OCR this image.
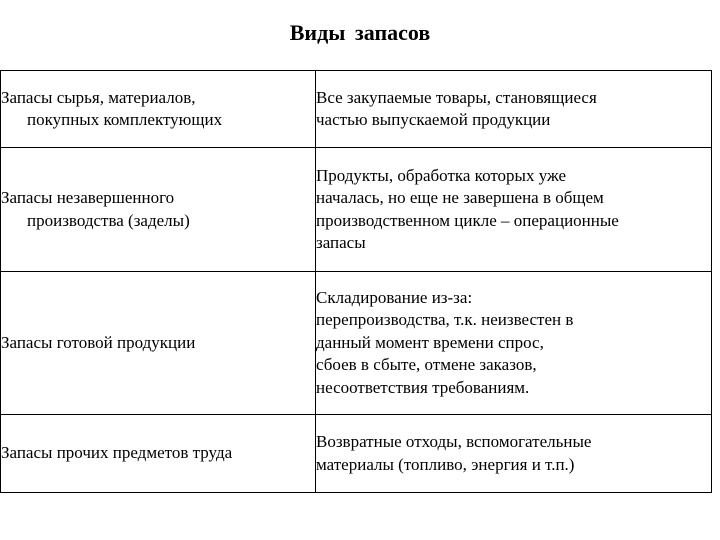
Виды запасов
Запасы сырья, материалов,
покупных комплектующих	Все закупаемые товары, становящиеся
частью выпускаемой продукции

Запасы незавершенного
производства (заделы)	Продукты, обработка которых уже
началась, но еще не завершена в общем
производственном цикле – операционные
запасы

Запасы готовой продукции	Складирование из-за:
перепроизводства, т.к. неизвестен в
данный момент времени спрос,
сбоев в сбыте, отмене заказов,
несоответствия требованиям.

Запасы прочих предметов труда	Возвратные отходы, вспомогательные
материалы (топливо, энергия и т.п.)
